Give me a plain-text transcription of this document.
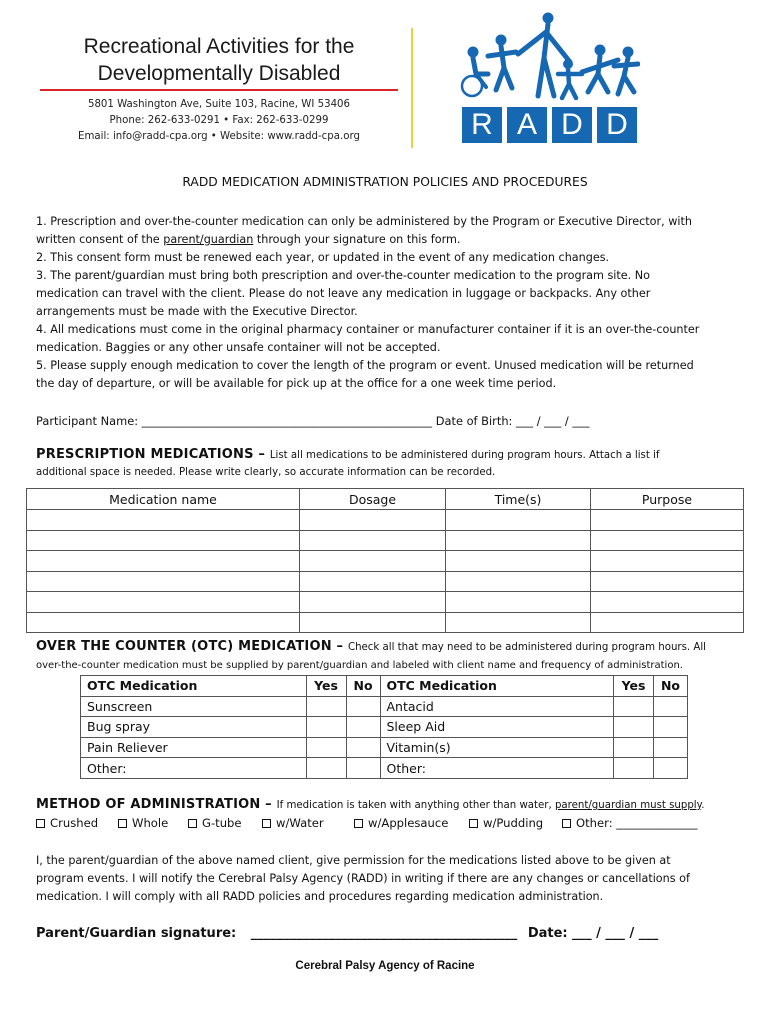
Recreational Activities for the
Developmentally Disabled
5801 Washington Ave, Suite 103, Racine, WI 53406
Phone: 262-633-0291 • Fax: 262-633-0299
Email: info@radd-cpa.org • Website: www.radd-cpa.org	R A D D
RADD MEDICATION ADMINISTRATION POLICIES AND PROCEDURES
1. Prescription and over-the-counter medication can only be administered by the Program or Executive Director, with
written consent of the parent/guardian through your signature on this form.
2. This consent form must be renewed each year, or updated in the event of any medication changes.
3. The parent/guardian must bring both prescription and over-the-counter medication to the program site. No
medication can travel with the client. Please do not leave any medication in luggage or backpacks. Any other
arrangements must be made with the Executive Director.
4. All medications must come in the original pharmacy container or manufacturer container if it is an over-the-counter
medication. Baggies or any other unsafe container will not be accepted.
5. Please supply enough medication to cover the length of the program or event. Unused medication will be returned
the day of departure, or will be available for pick up at the office for a one week time period.
Participant Name: ___________________________________________________ Date of Birth: ___ / ___ / ___
PRESCRIPTION MEDICATIONS – List all medications to be administered during program hours. Attach a list if
additional space is needed. Please write clearly, so accurate information can be recorded.
Medication name	Dosage	Time(s)	Purpose

OVER THE COUNTER (OTC) MEDICATION – Check all that may need to be administered during program hours. All
over-the-counter medication must be supplied by parent/guardian and labeled with client name and frequency of administration.
OTC Medication	Yes	No	OTC Medication	Yes	No
Sunscreen			Antacid		
Bug spray			Sleep Aid		
Pain Reliever			Vitamin(s)		
Other:			Other:		
METHOD OF ADMINISTRATION – If medication is taken with anything other than water, parent/guardian must supply.
Crushed	Whole	G-tube	w/Water	w/Applesauce	w/Pudding	Other: ______________
I, the parent/guardian of the above named client, give permission for the medications listed above to be given at
program events. I will notify the Cerebral Palsy Agency (RADD) in writing if there are any changes or cancellations of
medication. I will comply with all RADD policies and procedures regarding medication administration.
Parent/Guardian signature: _________________________________________ Date: ___ / ___ / ___
Cerebral Palsy Agency of Racine
